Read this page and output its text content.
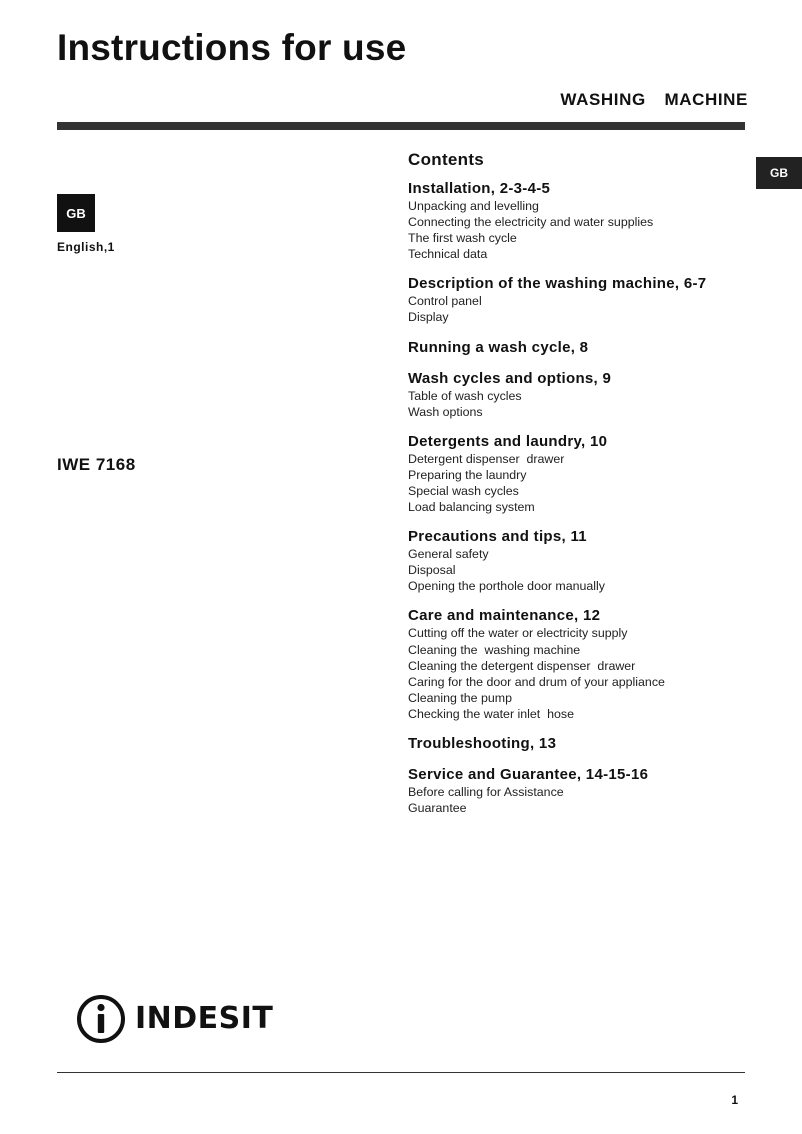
Instructions for use
WASHING  MACHINE
GB
GB
English,1
IWE 7168
Contents
Installation, 2-3-4-5
Unpacking and levelling
Connecting the electricity and water supplies
The first wash cycle
Technical data
Description of the washing machine, 6-7
Control panel
Display
Running a wash cycle, 8
Wash cycles and options, 9
Table of wash cycles
Wash options
Detergents and laundry, 10
Detergent dispenser  drawer
Preparing the laundry
Special wash cycles
Load balancing system
Precautions and tips, 11
General safety
Disposal
Opening the porthole door manually
Care and maintenance, 12
Cutting off the water or electricity supply
Cleaning the  washing machine
Cleaning the detergent dispenser  drawer
Caring for the door and drum of your appliance
Cleaning the pump
Checking the water inlet  hose
Troubleshooting, 13
Service and Guarantee, 14-15-16
Before calling for Assistance
Guarantee
INDESIT
1
